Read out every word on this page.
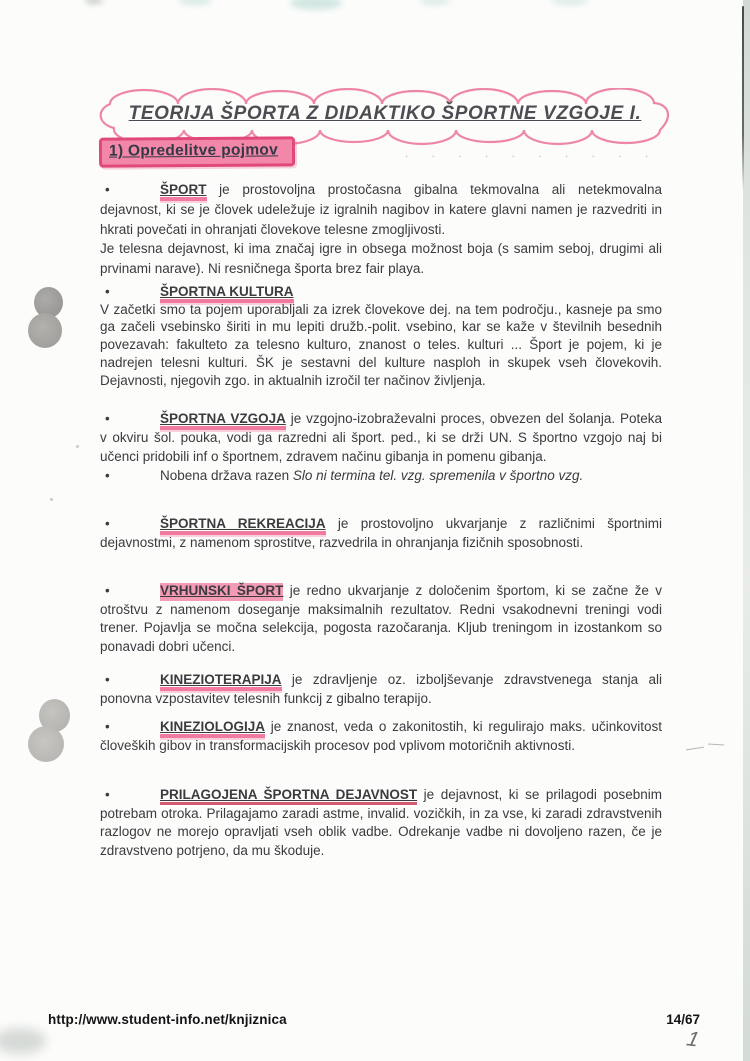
TEORIJA ŠPORTA Z DIDAKTIKO ŠPORTNE VZGOJE I.
1) Opredelitve pojmov	. . . . . . . . . .

•	ŠPORT je prostovoljna prostočasna gibalna tekmovalna ali netekmovalna dejavnost, ki se je človek udeležuje iz igralnih nagibov in katere glavni namen je razvedriti in hkrati povečati in ohranjati človekove telesne zmogljivosti.
Je telesna dejavnost, ki ima značaj igre in obsega možnost boja (s samim seboj, drugimi ali prvinami narave). Ni resničnega športa brez fair playa.

•	ŠPORTNA KULTURA
V začetki smo ta pojem uporabljali za izrek človekove dej. na tem področju., kasneje pa smo ga začeli vsebinsko širiti in mu lepiti družb.-polit. vsebino, kar se kaže v številnih besednih povezavah: fakulteto za telesno kulturo, znanost o teles. kulturi ... Šport je pojem, ki je nadrejen telesni kulturi. ŠK je sestavni del kulture nasploh in skupek vseh človekovih. Dejavnosti, njegovih zgo. in aktualnih izročil ter načinov življenja.

•	ŠPORTNA VZGOJA je vzgojno-izobraževalni proces, obvezen del šolanja. Poteka v okviru šol. pouka, vodi ga razredni ali šport. ped., ki se drži UN. S športno vzgojo naj bi učenci pridobili inf o športnem, zdravem načinu gibanja in pomenu gibanja.
•	Nobena država razen Slo ni termina tel. vzg. spremenila v športno vzg.

•	ŠPORTNA REKREACIJA je prostovoljno ukvarjanje z različnimi športnimi dejavnostmi, z namenom sprostitve, razvedrila in ohranjanja fizičnih sposobnosti.

•	VRHUNSKI ŠPORT je redno ukvarjanje z določenim športom, ki se začne že v otroštvu z namenom doseganje maksimalnih rezultatov. Redni vsakodnevni treningi vodi trener. Pojavlja se močna selekcija, pogosta razočaranja. Kljub treningom in izostankom so ponavadi dobri učenci.

•	KINEZIOTERAPIJA je zdravljenje oz. izboljševanje zdravstvenega stanja ali ponovna vzpostavitev telesnih funkcij z gibalno terapijo.

•	KINEZIOLOGIJA je znanost, veda o zakonitostih, ki regulirajo maks. učinkovitost človeških gibov in transformacijskih procesov pod vplivom motoričnih aktivnosti.

•	PRILAGOJENA ŠPORTNA DEJAVNOST je dejavnost, ki se prilagodi posebnim potrebam otroka. Prilagajamo zaradi astme, invalid. vozičkih, in za vse, ki zaradi zdravstvenih razlogov ne morejo opravljati vseh oblik vadbe. Odrekanje vadbe ni dovoljeno razen, če je zdravstveno potrjeno, da mu škoduje.

http://www.student-info.net/knjiznica	14/67
1
